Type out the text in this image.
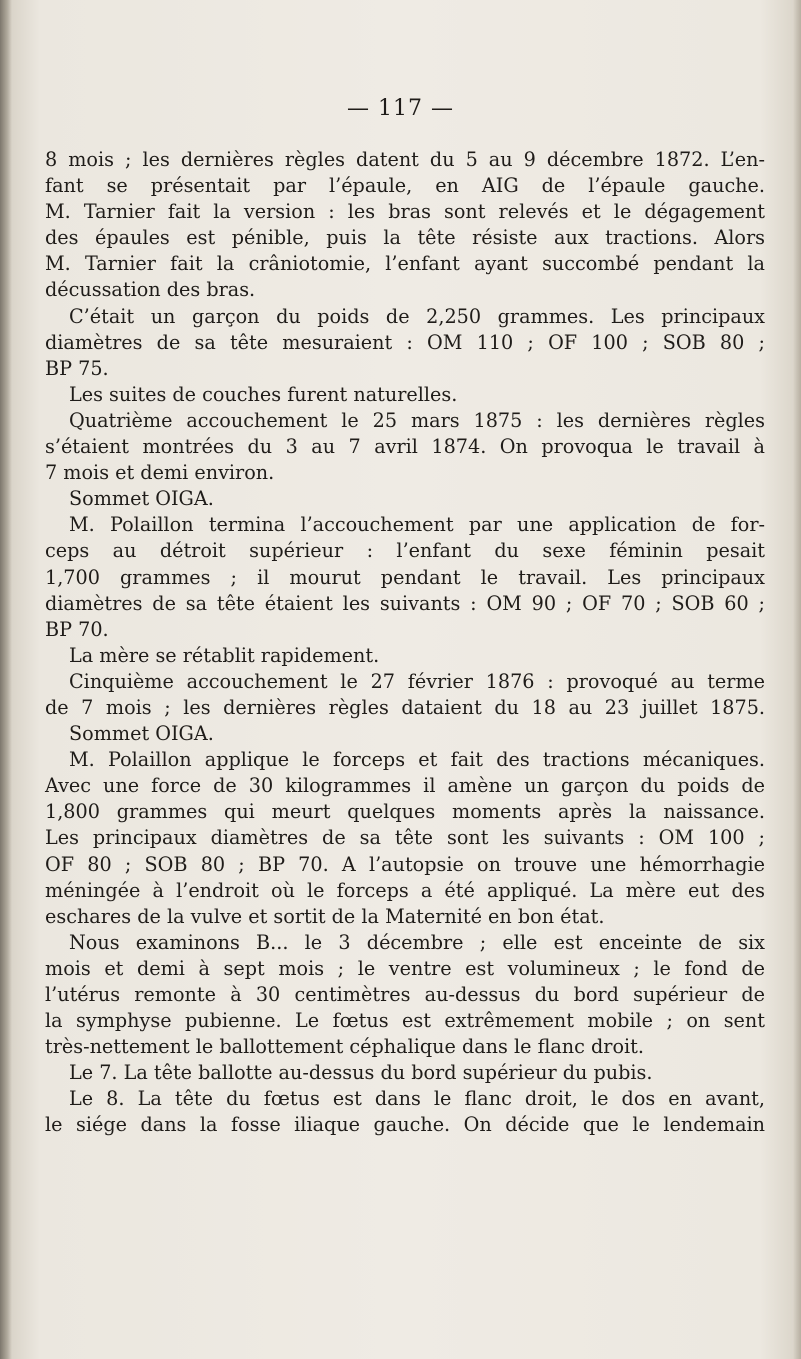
— 117 —
8 mois ; les dernières règles datent du 5 au 9 décembre 1872. L’en-
fant se présentait par l’épaule, en AIG de l’épaule gauche.
M. Tarnier fait la version : les bras sont relevés et le dégagement
des épaules est pénible, puis la tête résiste aux tractions. Alors
M. Tarnier fait la crâniotomie, l’enfant ayant succombé pendant la
décussation des bras.
C’était un garçon du poids de 2,250 grammes. Les principaux
diamètres de sa tête mesuraient : OM 110 ; OF 100 ; SOB 80 ;
BP 75.
Les suites de couches furent naturelles.
Quatrième accouchement le 25 mars 1875 : les dernières règles
s’étaient montrées du 3 au 7 avril 1874. On provoqua le travail à
7 mois et demi environ.
Sommet OIGA.
M. Polaillon termina l’accouchement par une application de for-
ceps au détroit supérieur : l’enfant du sexe féminin pesait
1,700 grammes ; il mourut pendant le travail. Les principaux
diamètres de sa tête étaient les suivants : OM 90 ; OF 70 ; SOB 60 ;
BP 70.
La mère se rétablit rapidement.
Cinquième accouchement le 27 février 1876 : provoqué au terme
de 7 mois ; les dernières règles dataient du 18 au 23 juillet 1875.
Sommet OIGA.
M. Polaillon applique le forceps et fait des tractions mécaniques.
Avec une force de 30 kilogrammes il amène un garçon du poids de
1,800 grammes qui meurt quelques moments après la naissance.
Les principaux diamètres de sa tête sont les suivants : OM 100 ;
OF 80 ; SOB 80 ; BP 70. A l’autopsie on trouve une hémorrhagie
méningée à l’endroit où le forceps a été appliqué. La mère eut des
eschares de la vulve et sortit de la Maternité en bon état.
Nous examinons B... le 3 décembre ; elle est enceinte de six
mois et demi à sept mois ; le ventre est volumineux ; le fond de
l’utérus remonte à 30 centimètres au-dessus du bord supérieur de
la symphyse pubienne. Le fœtus est extrêmement mobile ; on sent
très-nettement le ballottement céphalique dans le flanc droit.
Le 7. La tête ballotte au-dessus du bord supérieur du pubis.
Le 8. La tête du fœtus est dans le flanc droit, le dos en avant,
le siége dans la fosse iliaque gauche. On décide que le lendemain
